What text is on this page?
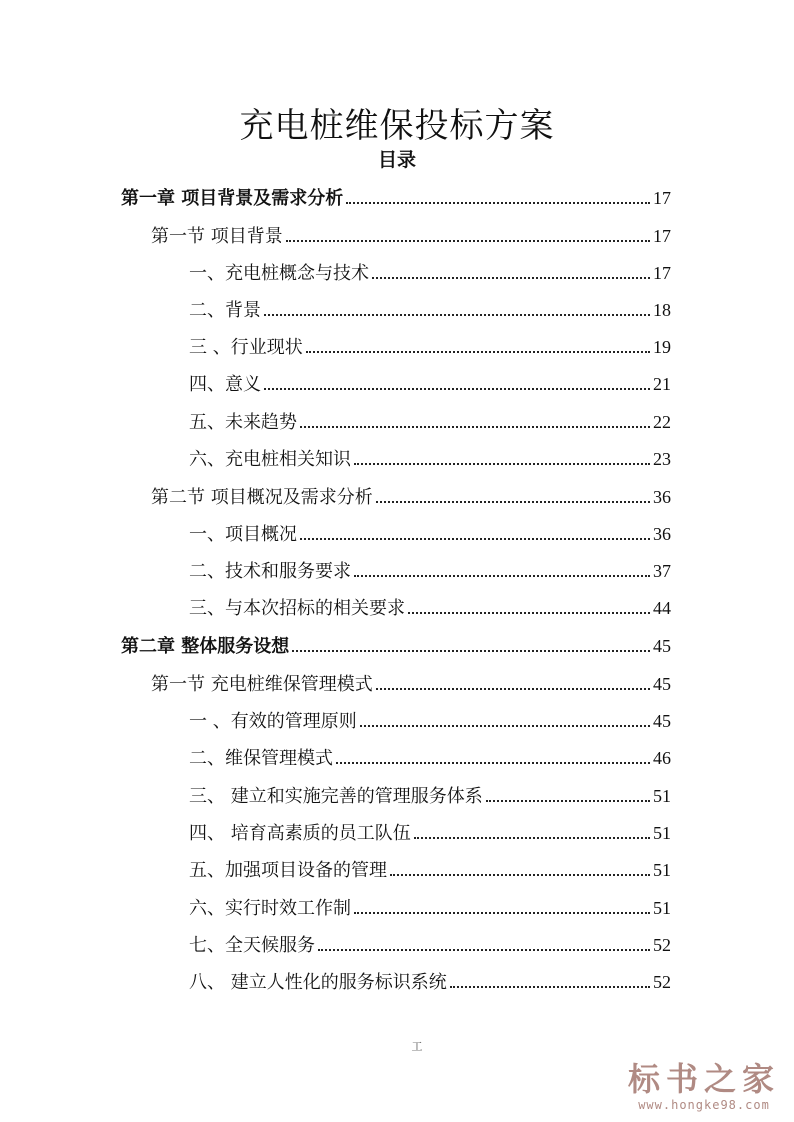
充电桩维保投标方案
目录
第一章 项目背景及需求分析	17
第一节 项目背景	17
一、充电桩概念与技术	17
二、背景	18
三 、行业现状	19
四、意义	21
五、未来趋势	22
六、充电桩相关知识	23
第二节 项目概况及需求分析	36
一、项目概况	36
二、技术和服务要求	37
三、与本次招标的相关要求	44
第二章 整体服务设想	45
第一节 充电桩维保管理模式	45
一 、有效的管理原则	45
二、维保管理模式	46
三、 建立和实施完善的管理服务体系	51
四、 培育高素质的员工队伍	51
五、加强项目设备的管理	51
六、实行时效工作制	51
七、全天候服务	52
八、 建立人性化的服务标识系统	52
工
标书之家
www.hongke98.com
